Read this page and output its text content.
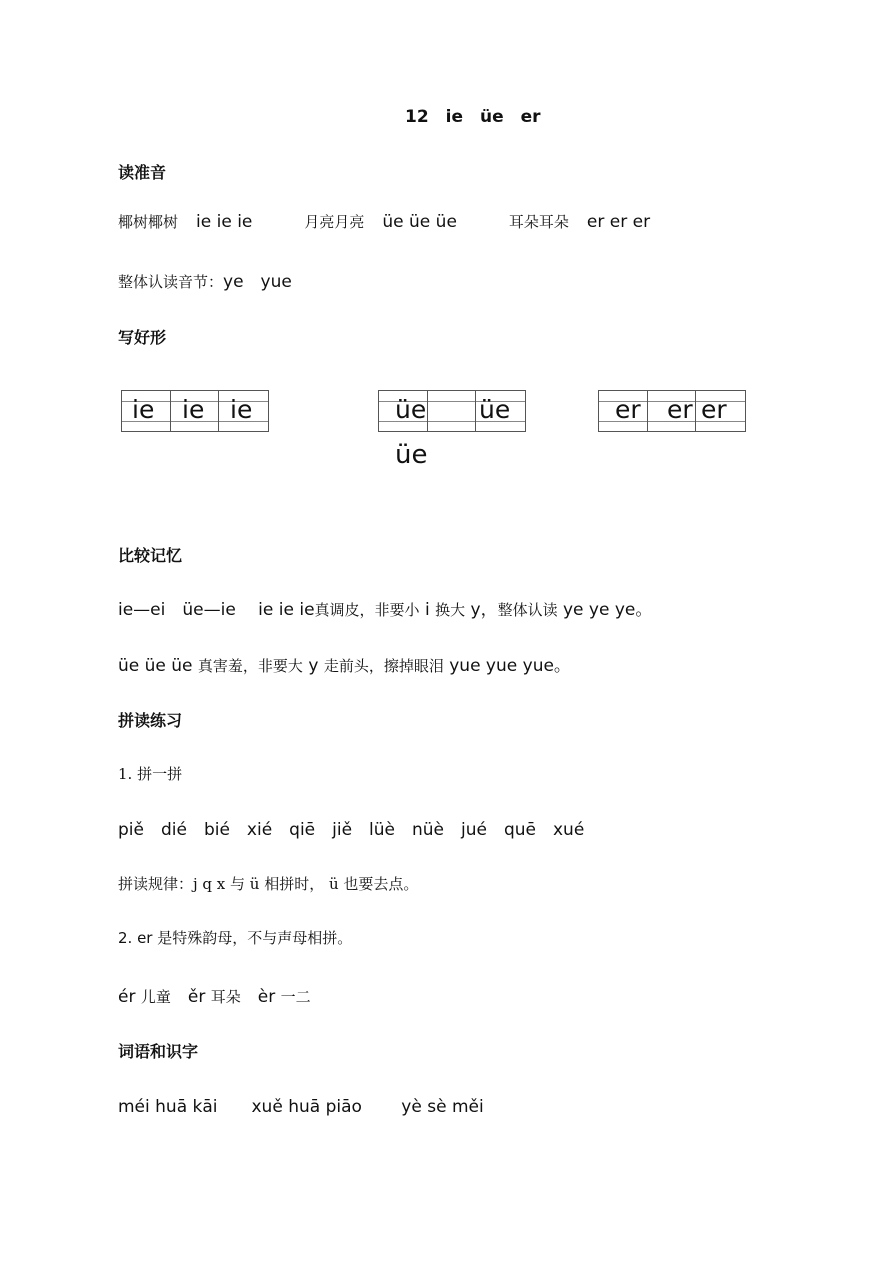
12　ie　üe　er
读准音
椰树椰树 ie ie ie	月亮月亮 üe üe üe	耳朵耳朵 er er er
整体认读音节：ye　yue
写好形
ie ie ie	üe üe
üe
er er er
比较记忆
ie—ei　üe—ie　 ie ie ie真调皮，非要小 i 换大 y，整体认读 ye ye ye。
üe üe üe 真害羞，非要大 y 走前头，擦掉眼泪 yue yue yue。
拼读练习
1. 拼一拼
piě　dié　bié　xié　qiē　jiě　lüè　nüè　jué　quē　xué
拼读规律：j q x 与 ü 相拼时， ü 也要去点。
2. er 是特殊韵母，不与声母相拼。
ér 儿童　ěr 耳朵　èr 一二
词语和识字
méi huā kāi　　xuě huā piāo　　 yè sè měi
